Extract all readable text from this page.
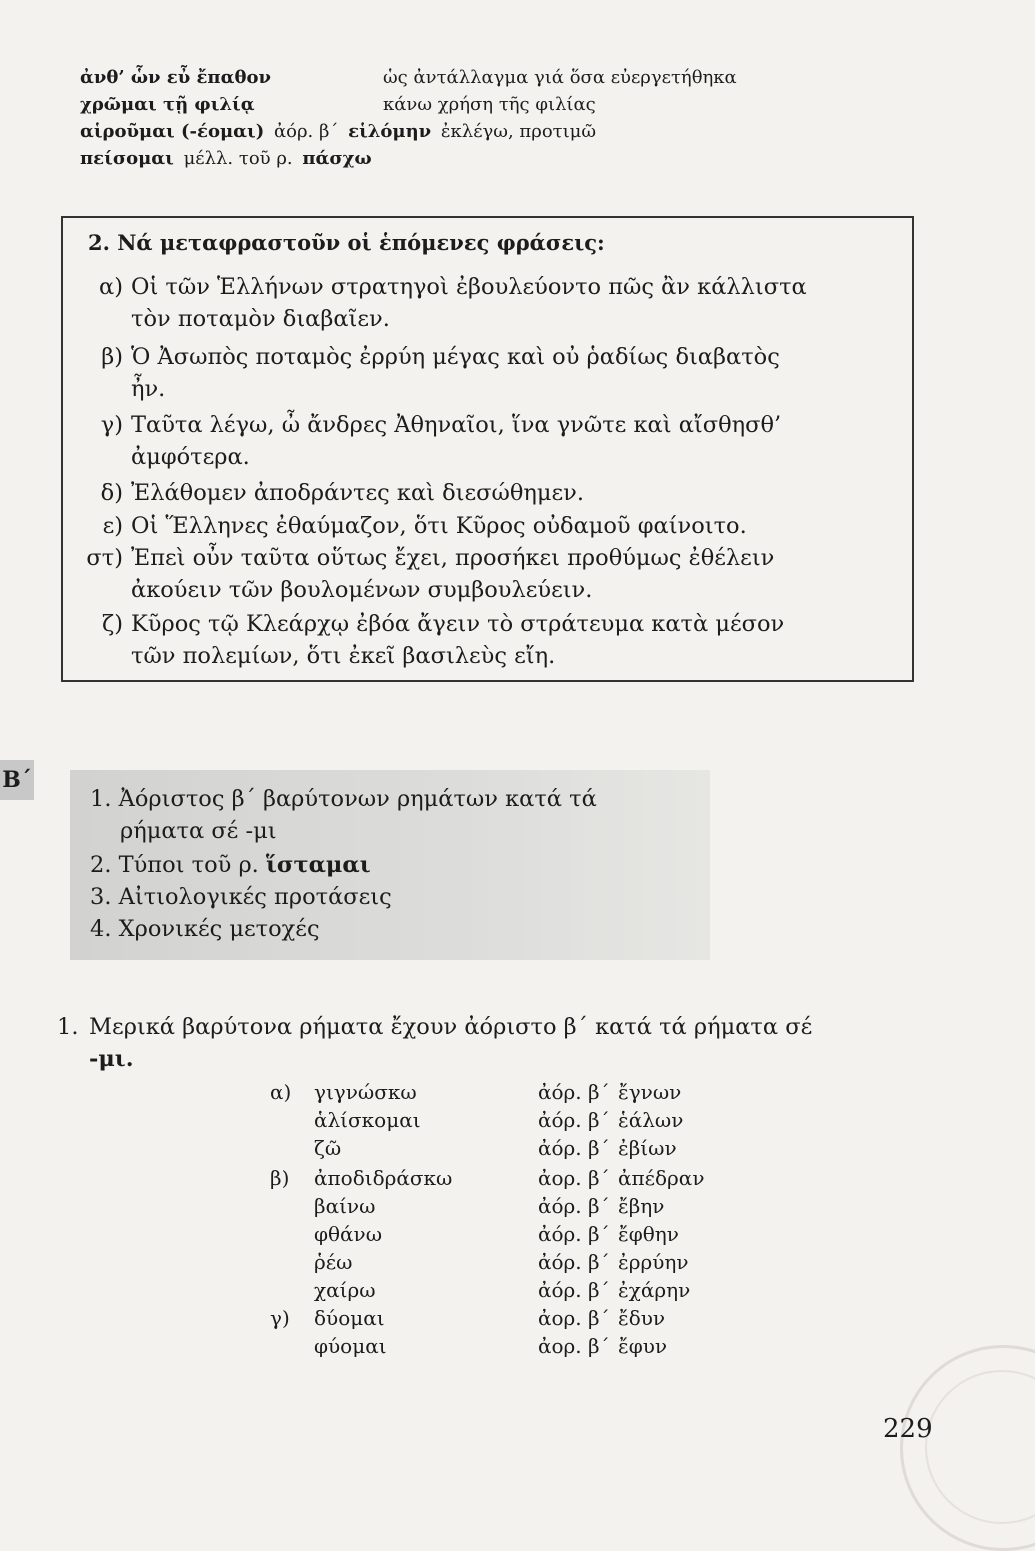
ἀνθ’ ὧν εὖ ἔπαθον	ὡς ἀντάλλαγμα γιά ὅσα εὐεργετήθηκα
χρῶμαι τῇ φιλίᾳ	κάνω χρήση τῆς φιλίας
αἱροῦμαι (-έομαι) ἀόρ. β΄ εἱλόμην ἐκλέγω, προτιμῶ
πείσομαι μέλλ. τοῦ ρ. πάσχω
2. Νά μεταφραστοῦν οἱ ἑπόμενες φράσεις:
α) Οἱ τῶν Ἑλλήνων στρατηγοὶ ἐβουλεύοντο πῶς ἂν κάλλιστα
τὸν ποταμὸν διαβαῖεν.
β) Ὁ Ἀσωπὸς ποταμὸς ἐρρύη μέγας καὶ οὐ ῥαδίως διαβατὸς
ἦν.
γ) Ταῦτα λέγω, ὦ ἄνδρες Ἀθηναῖοι, ἵνα γνῶτε καὶ αἴσθησθ’
ἀμφότερα.
δ) Ἐλάθομεν ἀποδράντες καὶ διεσώθημεν.
ε) Οἱ Ἕλληνες ἐθαύμαζον, ὅτι Κῦρος οὐδαμοῦ φαίνοιτο.
στ) Ἐπεὶ οὖν ταῦτα οὕτως ἔχει, προσήκει προθύμως ἐθέλειν
ἀκούειν τῶν βουλομένων συμβουλεύειν.
ζ) Κῦρος τῷ Κλεάρχῳ ἐβόα ἄγειν τὸ στράτευμα κατὰ μέσον
τῶν πολεμίων, ὅτι ἐκεῖ βασιλεὺς εἴη.
Β΄
1. Ἀόριστος β΄ βαρύτονων ρημάτων κατά τά
ρήματα σέ -μι
2. Τύποι τοῦ ρ. ἵσταμαι
3. Αἰτιολογικές προτάσεις
4. Χρονικές μετοχές
1. Μερικά βαρύτονα ρήματα ἔχουν ἀόριστο β΄ κατά τά ρήματα σέ
-μι.
α) γιγνώσκω	ἀόρ. β΄ ἔγνων
ἁλίσκομαι	ἀόρ. β΄ ἑάλων
ζῶ	ἀόρ. β΄ ἐβίων
β) ἀποδιδράσκω	ἀορ. β΄ ἀπέδραν
βαίνω	ἀόρ. β΄ ἔβην
φθάνω	ἀόρ. β΄ ἔφθην
ῥέω	ἀόρ. β΄ ἐρρύην
χαίρω	ἀόρ. β΄ ἐχάρην
γ) δύομαι	ἀορ. β΄ ἔδυν
φύομαι	ἀορ. β΄ ἔφυν
229
